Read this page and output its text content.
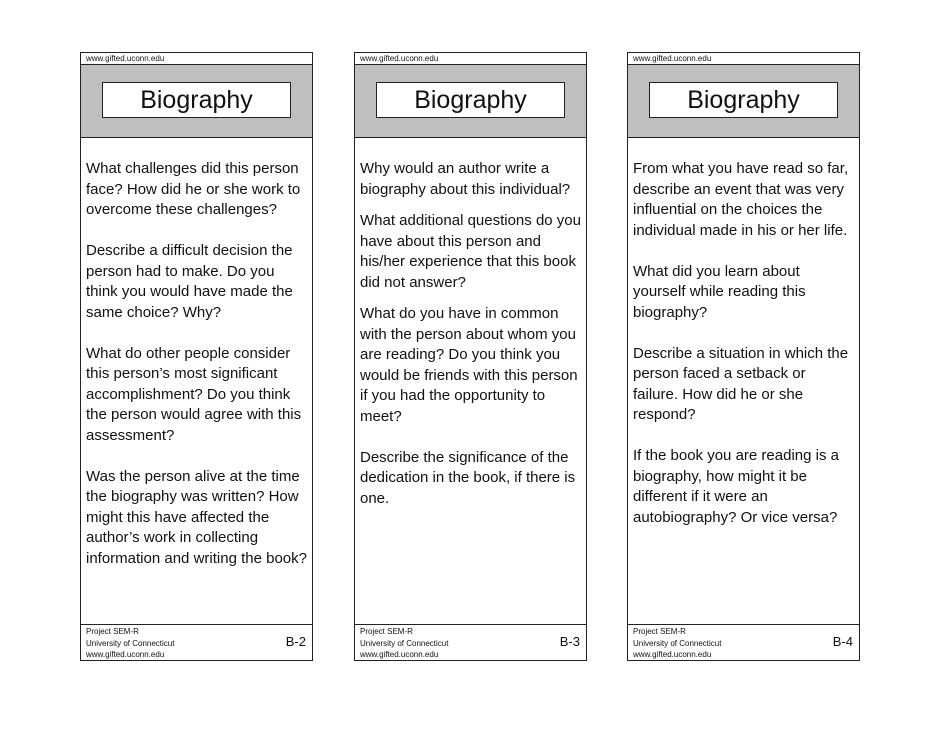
www.gifted.uconn.edu
Biography

What challenges did this person face? How did he or she work to overcome these challenges?

Describe a difficult decision the person had to make. Do you think you would have made the same choice? Why?

What do other people consider this person’s most significant accomplishment? Do you think the person would agree with this assessment?

Was the person alive at the time the biography was written? How might this have affected the author’s work in collecting information and writing the book?

Project SEM-R
University of Connecticut
www.gifted.uconn.edu
B-2
www.gifted.uconn.edu
Biography

Why would an author write a biography about this individual?

What additional questions do you have about this person and his/her experience that this book did not answer?

What do you have in common with the person about whom you are reading? Do you think you would be friends with this person if you had the opportunity to meet?

Describe the significance of the dedication in the book, if there is one.

Project SEM-R
University of Connecticut
www.gifted.uconn.edu
B-3
www.gifted.uconn.edu
Biography

From what you have read so far, describe an event that was very influential on the choices the individual made in his or her life.

What did you learn about yourself while reading this biography?

Describe a situation in which the person faced a setback or failure. How did he or she respond?

If the book you are reading is a biography, how might it be different if it were an autobiography? Or vice versa?

Project SEM-R
University of Connecticut
www.gifted.uconn.edu
B-4
